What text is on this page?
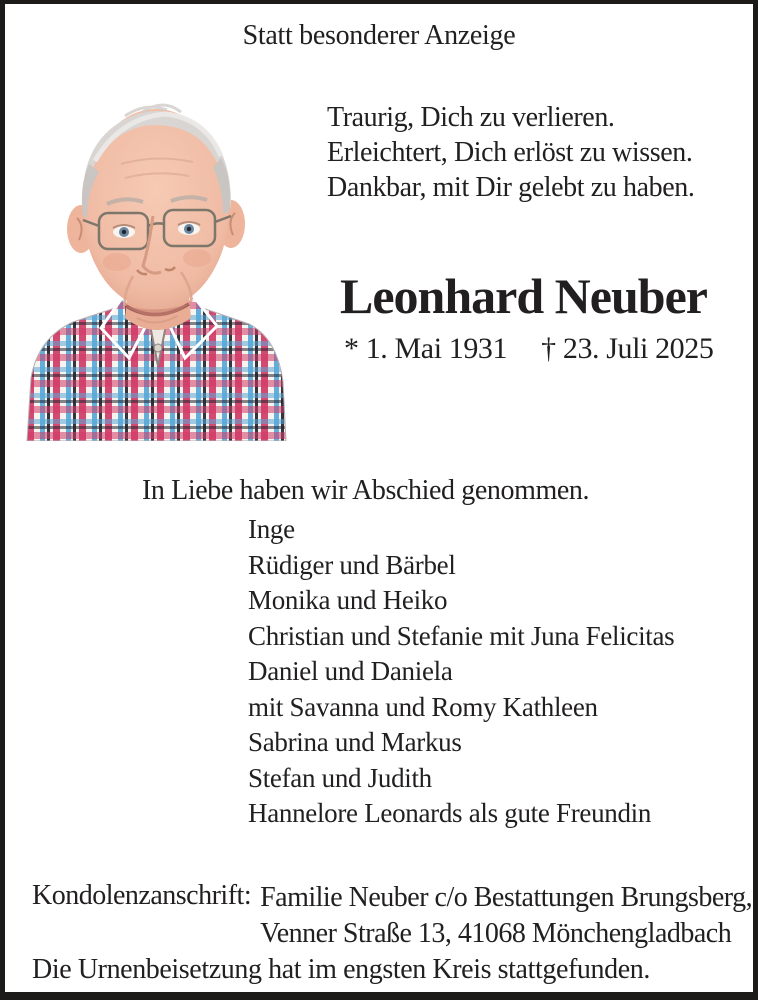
Statt besonderer Anzeige
Traurig, Dich zu verlieren.
Erleichtert, Dich erlöst zu wissen.
Dankbar, mit Dir gelebt zu haben.
Leonhard Neuber
* 1. Mai 1931 † 23. Juli 2025
In Liebe haben wir Abschied genommen.
Inge
Rüdiger und Bärbel
Monika und Heiko
Christian und Stefanie mit Juna Felicitas
Daniel und Daniela
mit Savanna und Romy Kathleen
Sabrina und Markus
Stefan und Judith
Hannelore Leonards als gute Freundin
Kondolenzanschrift: Familie Neuber c/o Bestattungen Brungsberg,
Venner Straße 13, 41068 Mönchengladbach
Die Urnenbeisetzung hat im engsten Kreis stattgefunden.
